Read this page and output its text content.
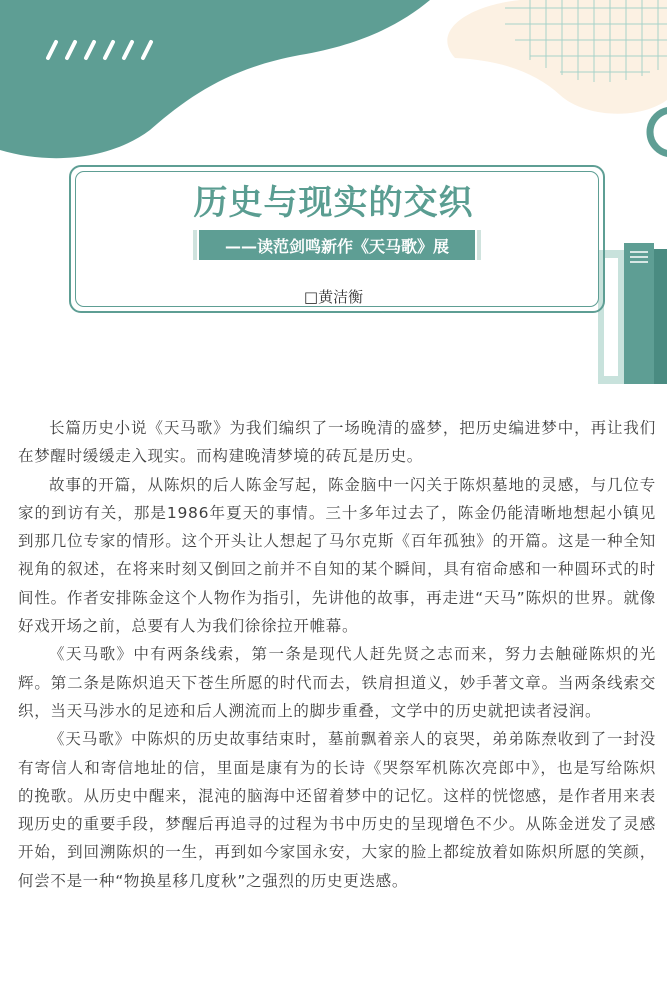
历史与现实的交织
——读范剑鸣新作《天马歌》展
□黄洁衡

长篇历史小说《天马歌》为我们编织了一场晚清的盛梦，把历史编进梦中，再让我们在梦醒时缓缓走入现实。而构建晚清梦境的砖瓦是历史。

故事的开篇，从陈炽的后人陈金写起，陈金脑中一闪关于陈炽墓地的灵感，与几位专家的到访有关，那是1986年夏天的事情。三十多年过去了，陈金仍能清晰地想起小镇见到那几位专家的情形。这个开头让人想起了马尔克斯《百年孤独》的开篇。这是一种全知视角的叙述，在将来时刻又倒回之前并不自知的某个瞬间，具有宿命感和一种圆环式的时间性。作者安排陈金这个人物作为指引，先讲他的故事，再走进“天马”陈炽的世界。就像好戏开场之前，总要有人为我们徐徐拉开帷幕。

《天马歌》中有两条线索，第一条是现代人赶先贤之志而来，努力去触碰陈炽的光辉。第二条是陈炽追天下苍生所愿的时代而去，铁肩担道义，妙手著文章。当两条线索交织，当天马涉水的足迹和后人溯流而上的脚步重叠，文学中的历史就把读者浸润。

《天马歌》中陈炽的历史故事结束时，墓前飘着亲人的哀哭，弟弟陈焘收到了一封没有寄信人和寄信地址的信，里面是康有为的长诗《哭祭军机陈次亮郎中》，也是写给陈炽的挽歌。从历史中醒来，混沌的脑海中还留着梦中的记忆。这样的恍惚感，是作者用来表现历史的重要手段，梦醒后再追寻的过程为书中历史的呈现增色不少。从陈金迸发了灵感开始，到回溯陈炽的一生，再到如今家国永安，大家的脸上都绽放着如陈炽所愿的笑颜，何尝不是一种“物换星移几度秋”之强烈的历史更迭感。
